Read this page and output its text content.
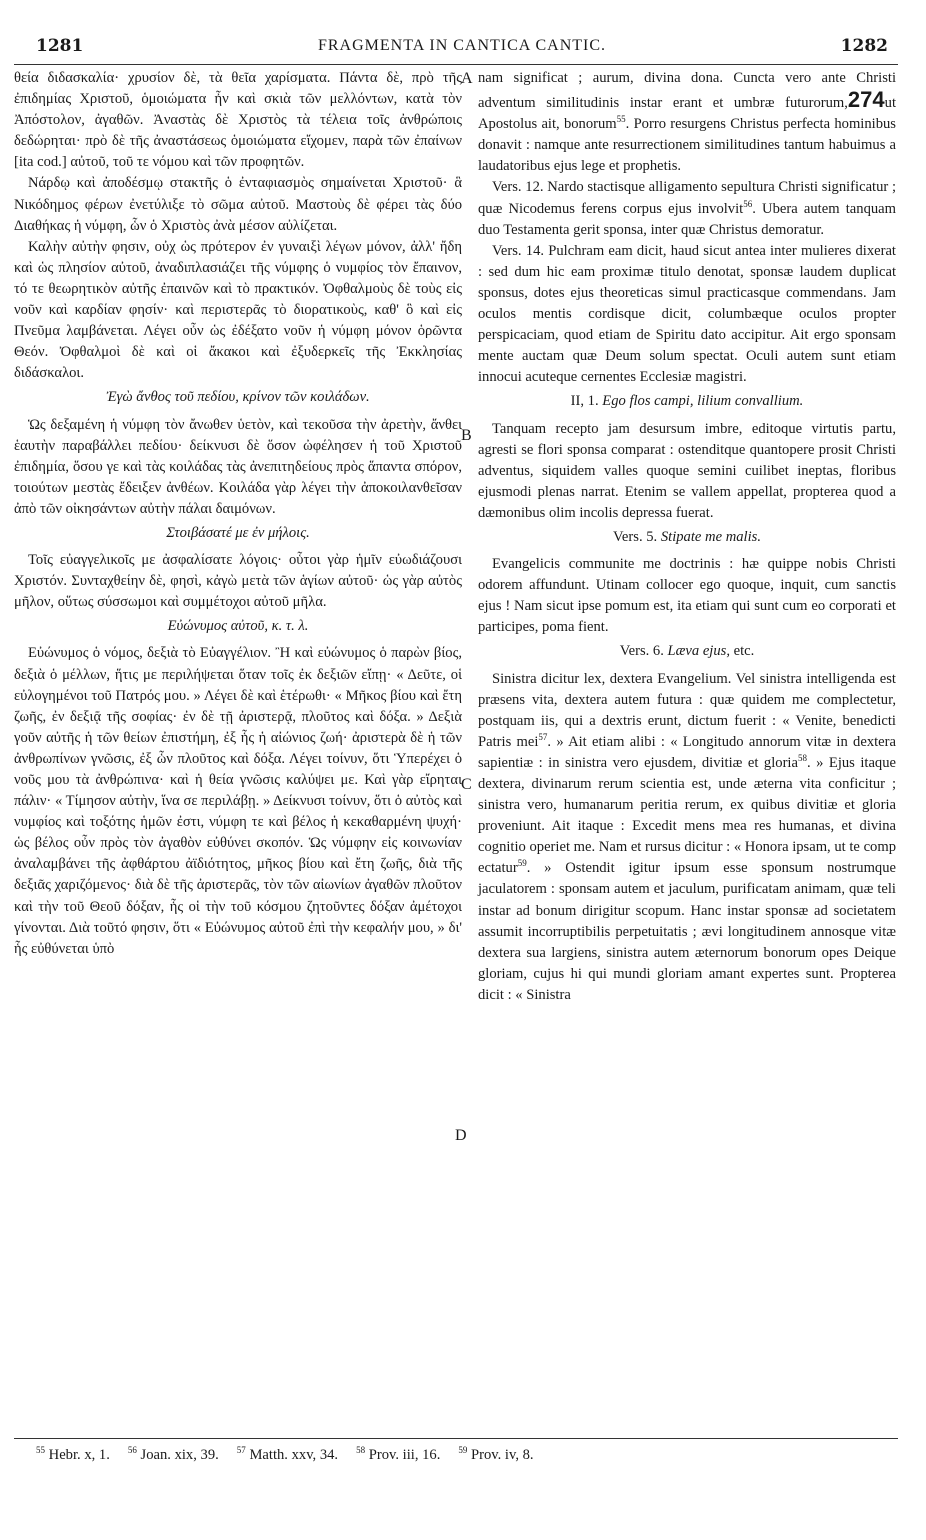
1281	FRAGMENTA IN CANTICA CANTIC.	1282
A
B
C
D

θεία διδασκαλία· χρυσίον δὲ, τὰ θεῖα χαρίσματα. Πάντα δὲ, πρὸ τῆς ἐπιδημίας Χριστοῦ, ὁμοιώματα ἦν καὶ σκιὰ τῶν μελλόντων, κατὰ τὸν Ἀπόστολον, ἀγαθῶν. Ἀναστὰς δὲ Χριστὸς τὰ τέλεια τοῖς ἀνθρώποις δεδώρηται· πρὸ δὲ τῆς ἀναστάσεως ὁμοιώματα εἴχομεν, παρὰ τῶν ἐπαίνων [ita cod.] αὐτοῦ, τοῦ τε νόμου καὶ τῶν προφητῶν.

Νάρδῳ καὶ ἀποδέσμῳ στακτῆς ὁ ἐνταφιασμὸς σημαίνεται Χριστοῦ· ἃ Νικόδημος φέρων ἐνετύλιξε τὸ σῶμα αὐτοῦ. Μαστοὺς δὲ φέρει τὰς δύο Διαθήκας ἡ νύμφη, ὧν ὁ Χριστὸς ἀνὰ μέσον αὐλίζεται.

Καλὴν αὐτὴν φησιν, οὐχ ὡς πρότερον ἐν γυναιξὶ λέγων μόνον, ἀλλ' ἤδη καὶ ὡς πλησίον αὐτοῦ, ἀναδιπλασιάζει τῆς νύμφης ὁ νυμφίος τὸν ἔπαινον, τό τε θεωρητικὸν αὐτῆς ἐπαινῶν καὶ τὸ πρακτικόν. Ὀφθαλμοὺς δὲ τοὺς εἰς νοῦν καὶ καρδίαν φησίν· καὶ περιστερᾶς τὸ διορατικοὺς, καθ' ὃ καὶ εἰς Πνεῦμα λαμβάνεται. Λέγει οὖν ὡς ἐδέξατο νοῦν ἡ νύμφη μόνον ὁρῶντα Θεόν. Ὀφθαλμοὶ δὲ καὶ οἱ ἄκακοι καὶ ἐξυδερκεῖς τῆς Ἐκκλησίας διδάσκαλοι.

Ἐγὼ ἄνθος τοῦ πεδίου, κρίνον τῶν κοιλάδων.

Ὡς δεξαμένη ἡ νύμφη τὸν ἄνωθεν ὑετὸν, καὶ τεκοῦσα τὴν ἀρετὴν, ἄνθει ἑαυτὴν παραβάλλει πεδίου· δείκνυσι δὲ ὅσον ὠφέλησεν ἡ τοῦ Χριστοῦ ἐπιδημία, ὅσου γε καὶ τὰς κοιλάδας τὰς ἀνεπιτηδείους πρὸς ἅπαντα σπόρον, τοιούτων μεστὰς ἔδειξεν ἀνθέων. Κοιλάδα γὰρ λέγει τὴν ἀποκοιλανθεῖσαν ἀπὸ τῶν οἰκησάντων αὐτὴν πάλαι δαιμόνων.

Στοιβάσατέ με ἐν μήλοις.

Τοῖς εὐαγγελικοῖς με ἀσφαλίσατε λόγοις· οὗτοι γὰρ ἡμῖν εὐωδιάζουσι Χριστόν. Συνταχθείην δὲ, φησὶ, κἀγὼ μετὰ τῶν ἁγίων αὐτοῦ· ὡς γὰρ αὐτὸς μῆλον, οὕτως σύσσωμοι καὶ συμμέτοχοι αὐτοῦ μῆλα.

Εὐώνυμος αὐτοῦ, κ. τ. λ.

Εὐώνυμος ὁ νόμος, δεξιὰ τὸ Εὐαγγέλιον. Ἢ καὶ εὐώνυμος ὁ παρὼν βίος, δεξιὰ ὁ μέλλων, ἥτις με περιλήψεται ὅταν τοῖς ἐκ δεξιῶν εἴπῃ· « Δεῦτε, οἱ εὐλογημένοι τοῦ Πατρός μου. » Λέγει δὲ καὶ ἑτέρωθι· « Μῆκος βίου καὶ ἔτη ζωῆς, ἐν δεξιᾷ τῆς σοφίας· ἐν δὲ τῇ ἀριστερᾷ, πλοῦτος καὶ δόξα. » Δεξιὰ γοῦν αὐτῆς ἡ τῶν θείων ἐπιστήμη, ἐξ ἧς ἡ αἰώνιος ζωή· ἀριστερὰ δὲ ἡ τῶν ἀνθρωπίνων γνῶσις, ἐξ ὧν πλοῦτος καὶ δόξα. Λέγει τοίνυν, ὅτι Ὑπερέχει ὁ νοῦς μου τὰ ἀνθρώπινα· καὶ ἡ θεία γνῶσις καλύψει με. Καὶ γὰρ εἴρηται πάλιν· « Τίμησον αὐτὴν, ἵνα σε περιλάβῃ. » Δείκνυσι τοίνυν, ὅτι ὁ αὐτὸς καὶ νυμφίος καὶ τοξότης ἡμῶν ἐστι, νύμφη τε καὶ βέλος ἡ κεκαθαρμένη ψυχή· ὡς βέλος οὖν πρὸς τὸν ἀγαθὸν εὐθύνει σκοπόν. Ὡς νύμφην εἰς κοινωνίαν ἀναλαμβάνει τῆς ἀφθάρτου ἀϊδιότητος, μῆκος βίου καὶ ἔτη ζωῆς, διὰ τῆς δεξιᾶς χαριζόμενος· διὰ δὲ τῆς ἀριστερᾶς, τὸν τῶν αἰωνίων ἀγαθῶν πλοῦτον καὶ τὴν τοῦ Θεοῦ δόξαν, ἧς οἱ τὴν τοῦ κόσμου ζητοῦντες δόξαν ἀμέτοχοι γίνονται. Διὰ τοῦτό φησιν, ὅτι « Εὐώνυμος αὐτοῦ ἐπὶ τὴν κεφαλήν μου, » δι' ἧς εὐθύνεται ὑπὸ

nam significat ; aurum, divina dona. Cuncta vero ante Christi adventum similitudinis instar erant et umbræ futurorum,274ut Apostolus ait, bonorum$^{55}$. Porro resurgens Christus perfecta hominibus donavit : namque ante resurrectionem similitudines tantum habuimus a laudatoribus ejus lege et prophetis.

Vers. 12. Nardo stactisque alligamento sepultura Christi significatur ; quæ Nicodemus ferens corpus ejus involvit$^{56}$. Ubera autem tanquam duo Testamenta gerit sponsa, inter quæ Christus demoratur.

Vers. 14. Pulchram eam dicit, haud sicut antea inter mulieres dixerat : sed dum hic eam proximæ titulo denotat, sponsæ laudem duplicat sponsus, dotes ejus theoreticas simul practicasque commendans. Jam oculos mentis cordisque dicit, columbæque oculos propter perspicaciam, quod etiam de Spiritu dato accipitur. Ait ergo sponsam mente auctam quæ Deum solum spectat. Oculi autem sunt etiam innocui acuteque cernentes Ecclesiæ magistri.

II, 1. Ego flos campi, lilium convallium.

Tanquam recepto jam desursum imbre, editoque virtutis partu, agresti se flori sponsa comparat : ostenditque quantopere prosit Christi adventus, siquidem valles quoque semini cuilibet ineptas, floribus ejusmodi plenas narrat. Etenim se vallem appellat, propterea quod a dæmonibus olim incolis depressa fuerat.

Vers. 5. Stipate me malis.

Evangelicis communite me doctrinis : hæ quippe nobis Christi odorem affundunt. Utinam collocer ego quoque, inquit, cum sanctis ejus ! Nam sicut ipse pomum est, ita etiam qui sunt cum eo corporati et participes, poma fient.

Vers. 6. Læva ejus, etc.

Sinistra dicitur lex, dextera Evangelium. Vel sinistra intelligenda est præsens vita, dextera autem futura : quæ quidem me complectetur, postquam iis, qui a dextris erunt, dictum fuerit : « Venite, benedicti Patris mei$^{57}$. » Ait etiam alibi : « Longitudo annorum vitæ in dextera sapientiæ : in sinistra vero ejusdem, divitiæ et gloria$^{58}$. » Ejus itaque dextera, divinarum rerum scientia est, unde æterna vita conficitur ; sinistra vero, humanarum peritia rerum, ex quibus divitiæ et gloria proveniunt. Ait itaque : Excedit mens mea res humanas, et divina cognitio operiet me. Nam et rursus dicitur : « Honora ipsam, ut te comp ectatur$^{59}$. » Ostendit igitur ipsum esse sponsum nostrumque jaculatorem : sponsam autem et jaculum, purificatam animam, quæ teli instar ad bonum dirigitur scopum. Hanc instar sponsæ ad societatem assumit incorruptibilis perpetuitatis ; ævi longitudinem annosque vitæ dextera sua largiens, sinistra autem æternorum bonorum opes Deique gloriam, cujus hi qui mundi gloriam amant expertes sunt. Propterea dicit : « Sinistra

$^{55}$ Hebr. x, 1. $^{56}$ Joan. xix, 39. $^{57}$ Matth. xxv, 34. $^{58}$ Prov. iii, 16. $^{59}$ Prov. iv, 8.
